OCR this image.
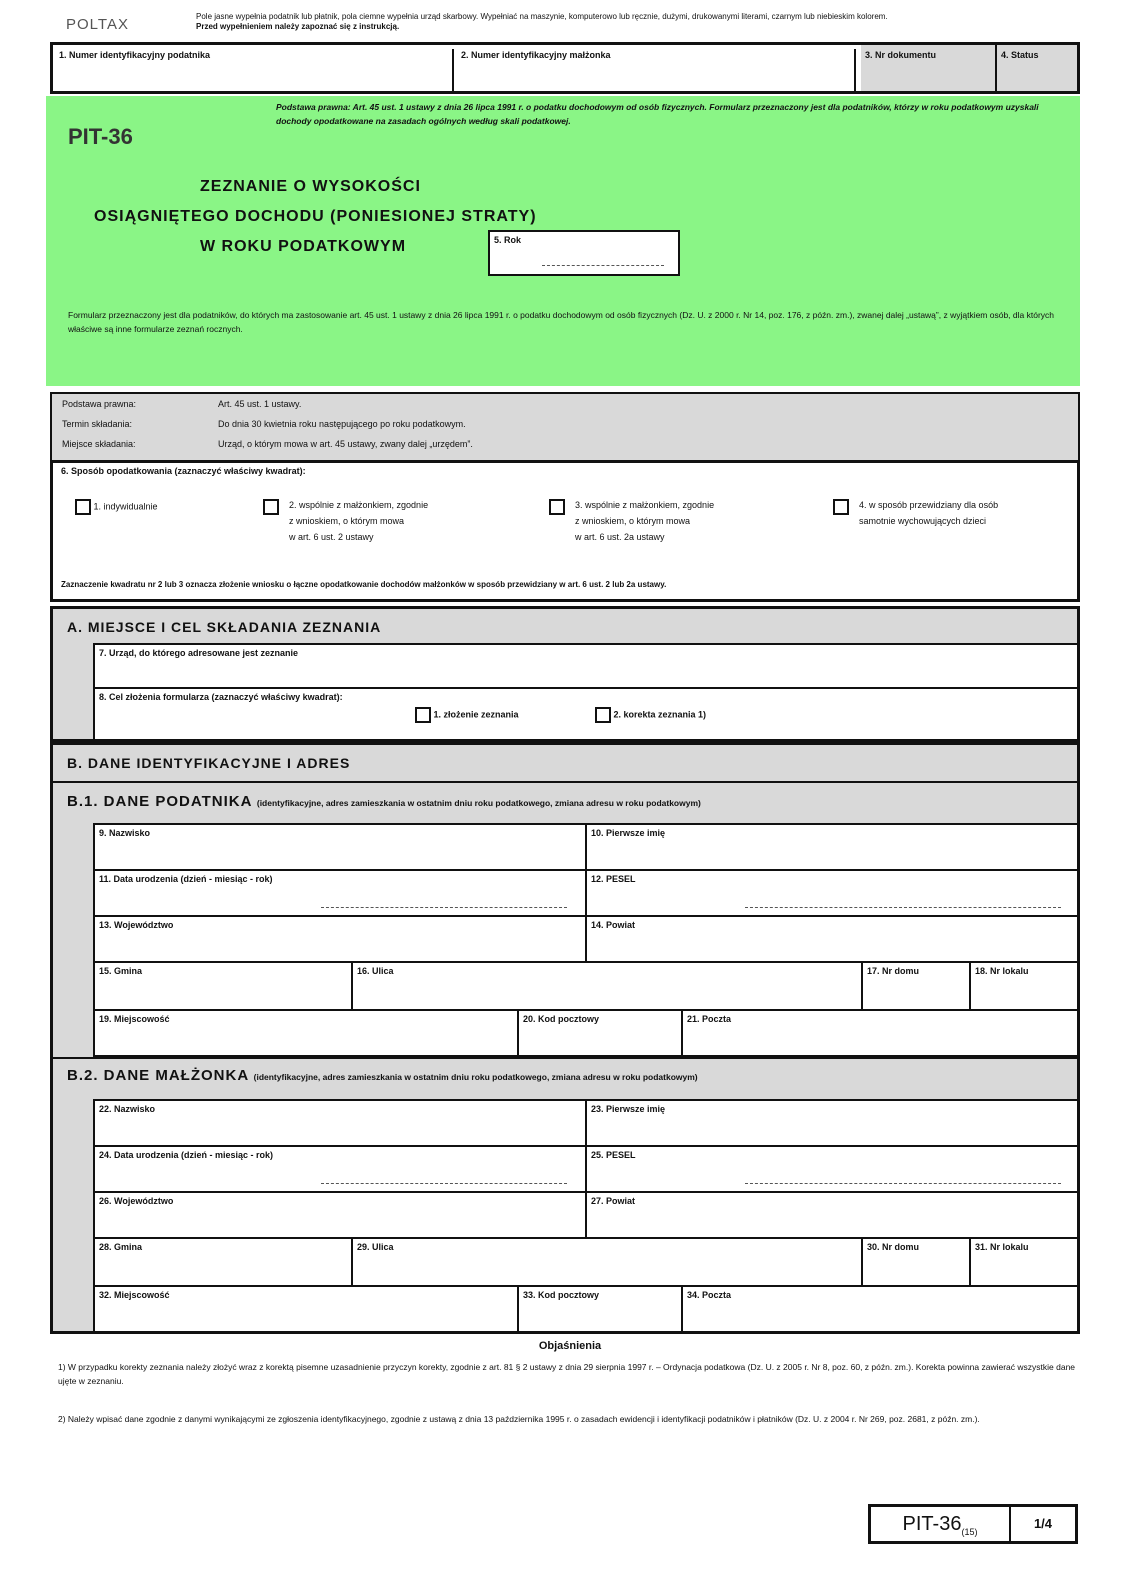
POLTAX	Pole jasne wypełnia podatnik lub płatnik, pola ciemne wypełnia urząd skarbowy. Wypełniać na maszynie, komputerowo lub ręcznie, dużymi, drukowanymi literami, czarnym lub niebieskim kolorem.
Przed wypełnieniem należy zapoznać się z instrukcją.
1. Numer identyfikacyjny podatnika	2. Numer identyfikacyjny małżonka	3. Nr dokumentu	4. Status
PIT-36
Podstawa prawna: Art. 45 ust. 1 ustawy z dnia 26 lipca 1991 r. o podatku dochodowym od osób fizycznych. Formularz przeznaczony jest dla podatników, którzy w roku podatkowym uzyskali dochody opodatkowane na zasadach ogólnych według skali podatkowej.
ZEZNANIE O WYSOKOŚCI
OSIĄGNIĘTEGO DOCHODU (PONIESIONEJ STRATY)
W ROKU PODATKOWYM	5. Rok
Formularz przeznaczony jest dla podatników, do których ma zastosowanie art. 45 ust. 1 ustawy z dnia 26 lipca 1991 r. o podatku dochodowym od osób fizycznych (Dz. U. z 2000 r. Nr 14, poz. 176, z późn. zm.), zwanej dalej „ustawą”, z wyjątkiem osób, dla których właściwe są inne formularze zeznań rocznych.
Podstawa prawna:	Art. 45 ust. 1 ustawy.
Termin składania:	Do dnia 30 kwietnia roku następującego po roku podatkowym.
Miejsce składania:	Urząd, o którym mowa w art. 45 ustawy, zwany dalej „urzędem”.
6. Sposób opodatkowania (zaznaczyć właściwy kwadrat):
1. indywidualnie	2. wspólnie z małżonkiem, zgodnie
z wnioskiem, o którym mowa
w art. 6 ust. 2 ustawy
3. wspólnie z małżonkiem, zgodnie
z wnioskiem, o którym mowa
w art. 6 ust. 2a ustawy
4. w sposób przewidziany dla osób
samotnie wychowujących dzieci
Zaznaczenie kwadratu nr 2 lub 3 oznacza złożenie wniosku o łączne opodatkowanie dochodów małżonków w sposób przewidziany w art. 6 ust. 2 lub 2a ustawy.
A. MIEJSCE I CEL SKŁADANIA ZEZNANIA
7. Urząd, do którego adresowane jest zeznanie
8. Cel złożenia formularza (zaznaczyć właściwy kwadrat):
1. złożenie zeznania	2. korekta zeznania 1)
B. DANE IDENTYFIKACYJNE I ADRES
B.1. DANE PODATNIKA (identyfikacyjne, adres zamieszkania w ostatnim dniu roku podatkowego, zmiana adresu w roku podatkowym)
9. Nazwisko	10. Pierwsze imię
11. Data urodzenia (dzień - miesiąc - rok)	12. PESEL
13. Województwo	14. Powiat
15. Gmina	16. Ulica	17. Nr domu	18. Nr lokalu
19. Miejscowość	20. Kod pocztowy	21. Poczta
B.2. DANE MAŁŻONKA (identyfikacyjne, adres zamieszkania w ostatnim dniu roku podatkowego, zmiana adresu w roku podatkowym)
22. Nazwisko	23. Pierwsze imię
24. Data urodzenia (dzień - miesiąc - rok)	25. PESEL
26. Województwo	27. Powiat
28. Gmina	29. Ulica	30. Nr domu	31. Nr lokalu
32. Miejscowość	33. Kod pocztowy	34. Poczta
Objaśnienia
1) W przypadku korekty zeznania należy złożyć wraz z korektą pisemne uzasadnienie przyczyn korekty, zgodnie z art. 81 § 2 ustawy z dnia 29 sierpnia 1997 r. – Ordynacja podatkowa (Dz. U. z 2005 r. Nr 8, poz. 60, z późn. zm.). Korekta powinna zawierać wszystkie dane ujęte w zeznaniu.
2) Należy wpisać dane zgodnie z danymi wynikającymi ze zgłoszenia identyfikacyjnego, zgodnie z ustawą z dnia 13 października 1995 r. o zasadach ewidencji i identyfikacji podatników i płatników (Dz. U. z 2004 r. Nr 269, poz. 2681, z późn. zm.).
PIT-$36_{(15)}$
1/4
